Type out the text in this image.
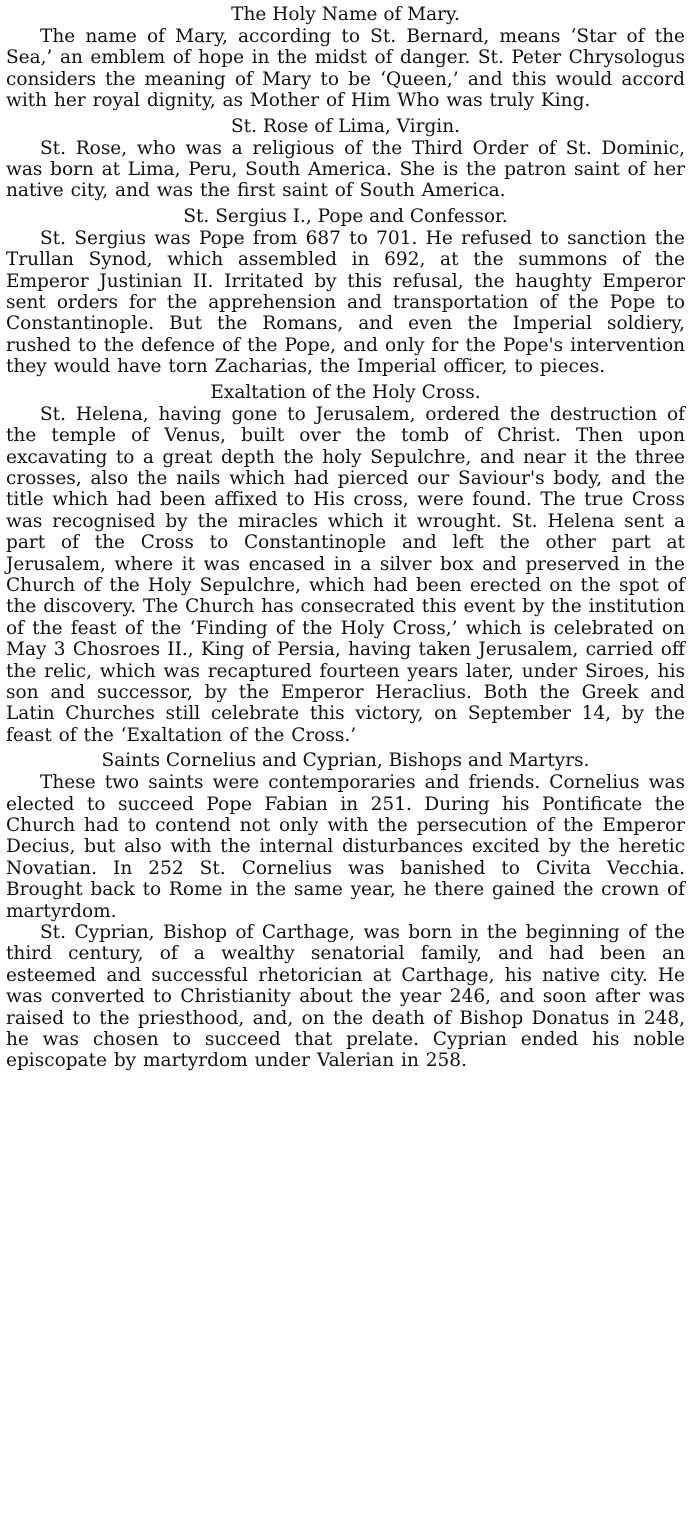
The Holy Name of Mary.

The name of Mary, according to St. Bernard, means ‘Star of the Sea,’ an emblem of hope in the midst of danger. St. Peter Chrysologus considers the meaning of Mary to be ‘Queen,’ and this would accord with her royal dignity, as Mother of Him Who was truly King.

St. Rose of Lima, Virgin.

St. Rose, who was a religious of the Third Order of St. Dominic, was born at Lima, Peru, South America. She is the patron saint of her native city, and was the first saint of South America.

St. Sergius I., Pope and Confessor.

St. Sergius was Pope from 687 to 701. He refused to sanction the Trullan Synod, which assembled in 692, at the summons of the Emperor Justinian II. Irritated by this refusal, the haughty Emperor sent orders for the apprehension and transportation of the Pope to Constantinople. But the Romans, and even the Imperial soldiery, rushed to the defence of the Pope, and only for the Pope's intervention they would have torn Zacharias, the Imperial officer, to pieces.

Exaltation of the Holy Cross.

St. Helena, having gone to Jerusalem, ordered the destruction of the temple of Venus, built over the tomb of Christ. Then upon excavating to a great depth the holy Sepulchre, and near it the three crosses, also the nails which had pierced our Saviour's body, and the title which had been affixed to His cross, were found. The true Cross was recognised by the miracles which it wrought. St. Helena sent a part of the Cross to Constantinople and left the other part at Jerusalem, where it was encased in a silver box and preserved in the Church of the Holy Sepulchre, which had been erected on the spot of the discovery. The Church has consecrated this event by the institution of the feast of the ‘Finding of the Holy Cross,’ which is celebrated on May 3 Chosroes II., King of Persia, having taken Jerusalem, carried off the relic, which was recaptured fourteen years later, under Siroes, his son and successor, by the Emperor Heraclius. Both the Greek and Latin Churches still celebrate this victory, on September 14, by the feast of the ‘Exaltation of the Cross.’

Saints Cornelius and Cyprian, Bishops and Martyrs.

These two saints were contemporaries and friends. Cornelius was elected to succeed Pope Fabian in 251. During his Pontificate the Church had to contend not only with the persecution of the Emperor Decius, but also with the internal disturbances excited by the heretic Novatian. In 252 St. Cornelius was banished to Civita Vecchia. Brought back to Rome in the same year, he there gained the crown of martyrdom.

St. Cyprian, Bishop of Carthage, was born in the beginning of the third century, of a wealthy senatorial family, and had been an esteemed and successful rhetorician at Carthage, his native city. He was converted to Christianity about the year 246, and soon after was raised to the priesthood, and, on the death of Bishop Donatus in 248, he was chosen to succeed that prelate. Cyprian ended his noble episcopate by martyrdom under Valerian in 258.
